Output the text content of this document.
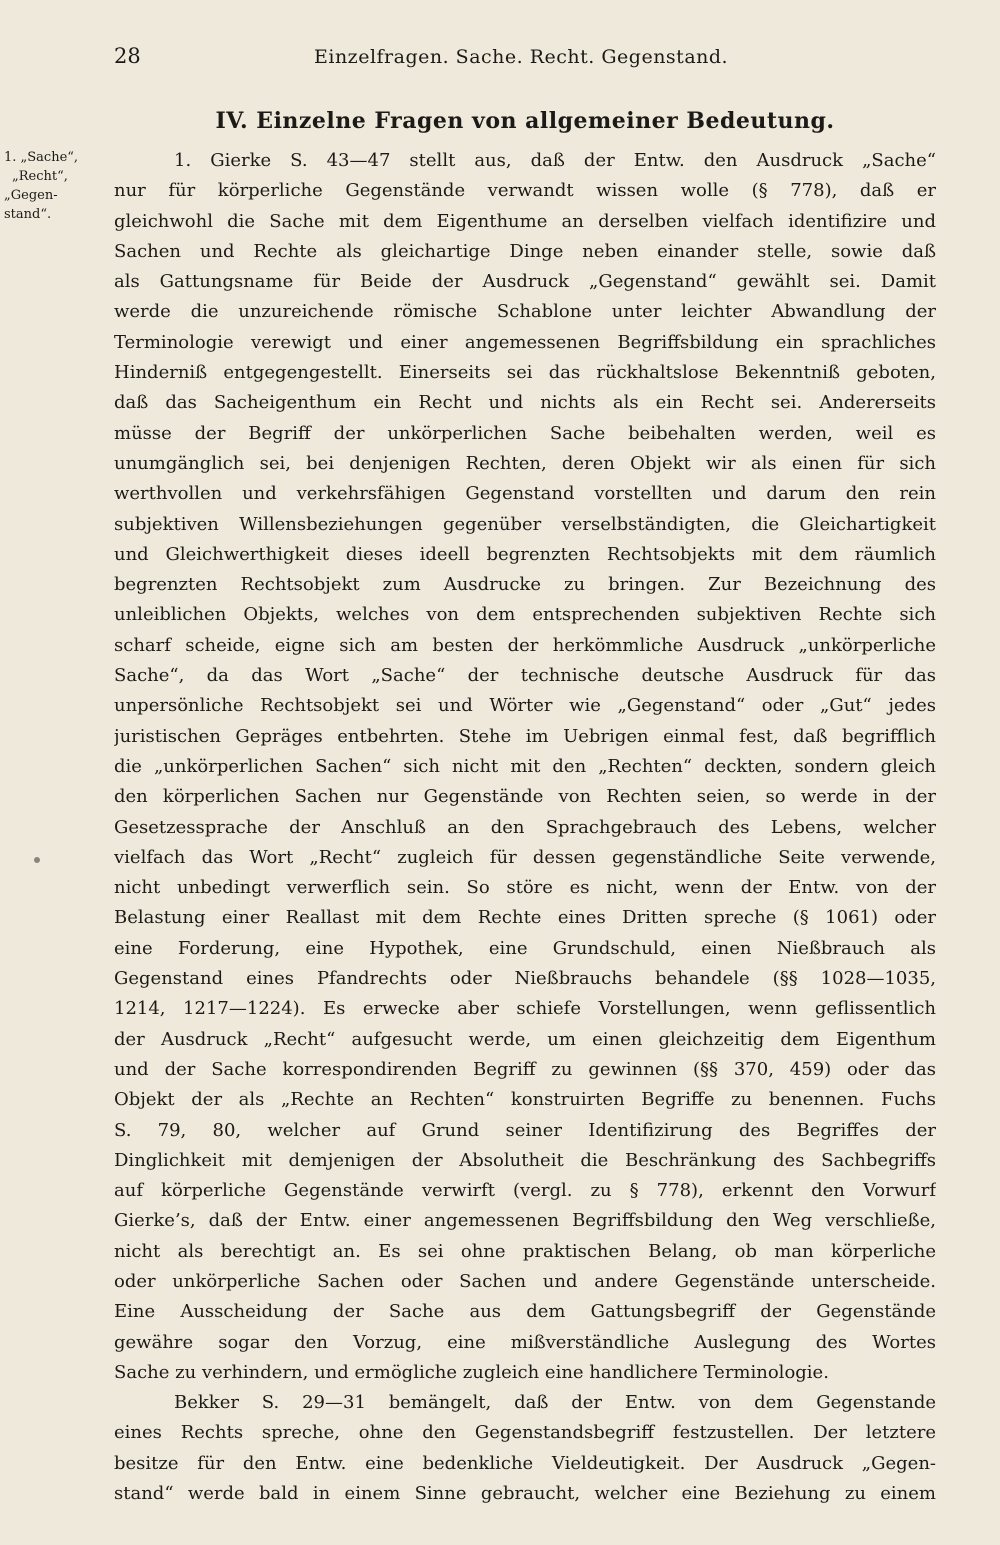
28	Einzelfragen. Sache. Recht. Gegenstand.
IV. Einzelne Fragen von allgemeiner Bedeutung.
1. „Sache“,
„Recht“,
„Gegen-
stand“.
1. Gierke S. 43—47 stellt aus, daß der Entw. den Ausdruck „Sache“
nur für körperliche Gegenstände verwandt wissen wolle (§ 778), daß er
gleichwohl die Sache mit dem Eigenthume an derselben vielfach identifizire und
Sachen und Rechte als gleichartige Dinge neben einander stelle, sowie daß
als Gattungsname für Beide der Ausdruck „Gegenstand“ gewählt sei. Damit
werde die unzureichende römische Schablone unter leichter Abwandlung der
Terminologie verewigt und einer angemessenen Begriffsbildung ein sprachliches
Hinderniß entgegengestellt. Einerseits sei das rückhaltslose Bekenntniß geboten,
daß das Sacheigenthum ein Recht und nichts als ein Recht sei. Andererseits
müsse der Begriff der unkörperlichen Sache beibehalten werden, weil es
unumgänglich sei, bei denjenigen Rechten, deren Objekt wir als einen für sich
werthvollen und verkehrsfähigen Gegenstand vorstellten und darum den rein
subjektiven Willensbeziehungen gegenüber verselbständigten, die Gleichartigkeit
und Gleichwerthigkeit dieses ideell begrenzten Rechtsobjekts mit dem räumlich
begrenzten Rechtsobjekt zum Ausdrucke zu bringen. Zur Bezeichnung des
unleiblichen Objekts, welches von dem entsprechenden subjektiven Rechte sich
scharf scheide, eigne sich am besten der herkömmliche Ausdruck „unkörperliche
Sache“, da das Wort „Sache“ der technische deutsche Ausdruck für das
unpersönliche Rechtsobjekt sei und Wörter wie „Gegenstand“ oder „Gut“ jedes
juristischen Gepräges entbehrten. Stehe im Uebrigen einmal fest, daß begrifflich
die „unkörperlichen Sachen“ sich nicht mit den „Rechten“ deckten, sondern gleich
den körperlichen Sachen nur Gegenstände von Rechten seien, so werde in der
Gesetzessprache der Anschluß an den Sprachgebrauch des Lebens, welcher
vielfach das Wort „Recht“ zugleich für dessen gegenständliche Seite verwende,
nicht unbedingt verwerflich sein. So störe es nicht, wenn der Entw. von der
Belastung einer Reallast mit dem Rechte eines Dritten spreche (§ 1061) oder
eine Forderung, eine Hypothek, eine Grundschuld, einen Nießbrauch als
Gegenstand eines Pfandrechts oder Nießbrauchs behandele (§§ 1028—1035,
1214, 1217—1224). Es erwecke aber schiefe Vorstellungen, wenn geflissentlich
der Ausdruck „Recht“ aufgesucht werde, um einen gleichzeitig dem Eigenthum
und der Sache korrespondirenden Begriff zu gewinnen (§§ 370, 459) oder das
Objekt der als „Rechte an Rechten“ konstruirten Begriffe zu benennen. Fuchs
S. 79, 80, welcher auf Grund seiner Identifizirung des Begriffes der
Dinglichkeit mit demjenigen der Absolutheit die Beschränkung des Sachbegriffs
auf körperliche Gegenstände verwirft (vergl. zu § 778), erkennt den Vorwurf
Gierke’s, daß der Entw. einer angemessenen Begriffsbildung den Weg verschließe,
nicht als berechtigt an. Es sei ohne praktischen Belang, ob man körperliche
oder unkörperliche Sachen oder Sachen und andere Gegenstände unterscheide.
Eine Ausscheidung der Sache aus dem Gattungsbegriff der Gegenstände
gewähre sogar den Vorzug, eine mißverständliche Auslegung des Wortes
Sache zu verhindern, und ermögliche zugleich eine handlichere Terminologie.
Bekker S. 29—31 bemängelt, daß der Entw. von dem Gegenstande
eines Rechts spreche, ohne den Gegenstandsbegriff festzustellen. Der letztere
besitze für den Entw. eine bedenkliche Vieldeutigkeit. Der Ausdruck „Gegen-
stand“ werde bald in einem Sinne gebraucht, welcher eine Beziehung zu einem
